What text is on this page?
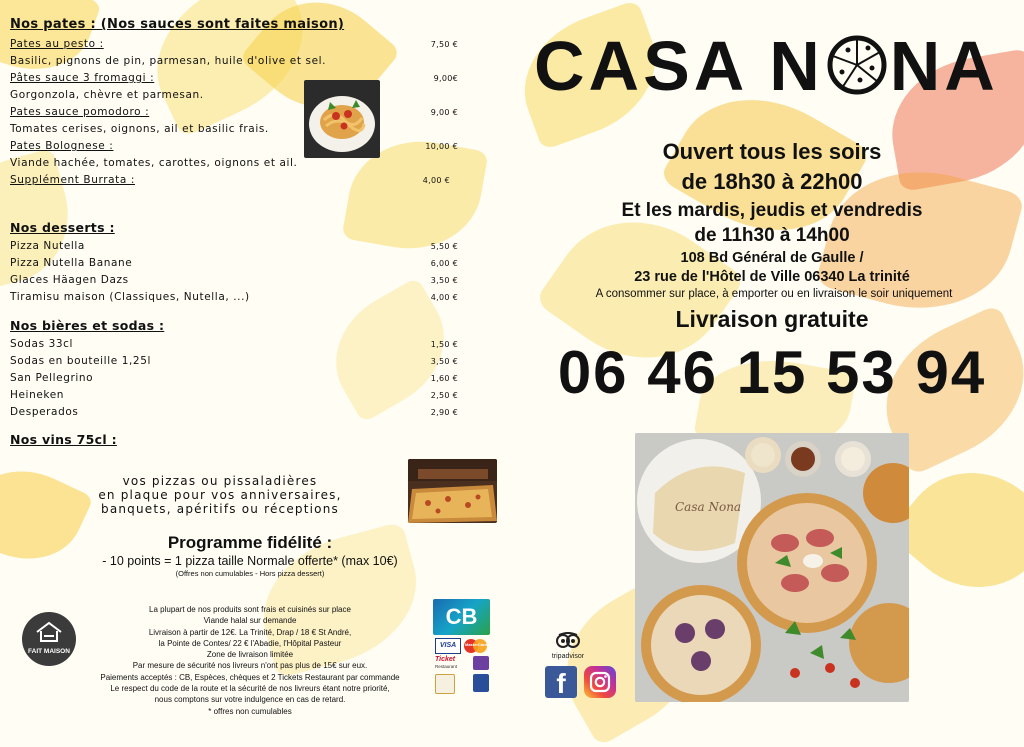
Nos pates : (Nos sauces sont faites maison)
Pates au pesto :	7,50 €
Basilic, pignons de pin, parmesan, huile d'olive et sel.
Pâtes sauce 3 fromaggi :	9,00€
Gorgonzola, chèvre et parmesan.
Pates sauce pomodoro :	9,00 €
Tomates cerises, oignons, ail et basilic frais.
Pates Bolognese :	10,00 €
Viande hachée, tomates, carottes, oignons et ail.
Supplément Burrata :	4,00 €
Nos desserts :
Pizza Nutella	5,50 €
Pizza Nutella Banane	6,00 €
Glaces Häagen Dazs	3,50 €
Tiramisu maison (Classiques, Nutella, ...)	4,00 €
Nos bières et sodas :
Sodas 33cl	1,50 €
Sodas en bouteille 1,25l	3,50 €
San Pellegrino	1,60 €
Heineken	2,50 €
Desperados	2,90 €
Nos vins 75cl :
vos pizzas ou pissaladières
en plaque pour vos anniversaires,
banquets, apéritifs ou réceptions
Programme fidélité :
- 10 points = 1 pizza taille Normale offerte* (max 10€)
(Offres non cumulables - Hors pizza dessert)
La plupart de nos produits sont frais et cuisinés sur place
Viande halal sur demande
Livraison à partir de 12€. La Trinité, Drap / 18 € St André,
la Pointe de Contes/ 22 € l'Abadie, l'Hôpital Pasteur
Zone de livraison limitée
Par mesure de sécurité nos livreurs n'ont pas plus de 15€ sur eux.
Paiements acceptés : CB, Espèces, chèques et 2 Tickets Restaurant par commande
Le respect du code de la route et la sécurité de nos livreurs étant notre priorité,
nous comptons sur votre indulgence en cas de retard.
* offres non cumulables
FAIT MAISON
CB
VISA	MasterCard
Ticket
Restaurant
CASA N NA
Ouvert tous les soirs
de 18h30 à 22h00
Et les mardis, jeudis et vendredis
de 11h30 à 14h00
108 Bd Général de Gaulle /
23 rue de l'Hôtel de Ville 06340 La trinité
A consommer sur place, à emporter ou en livraison le soir uniquement
Livraison gratuite
06 46 15 53 94
Casa Nona
tripadvisor
f
